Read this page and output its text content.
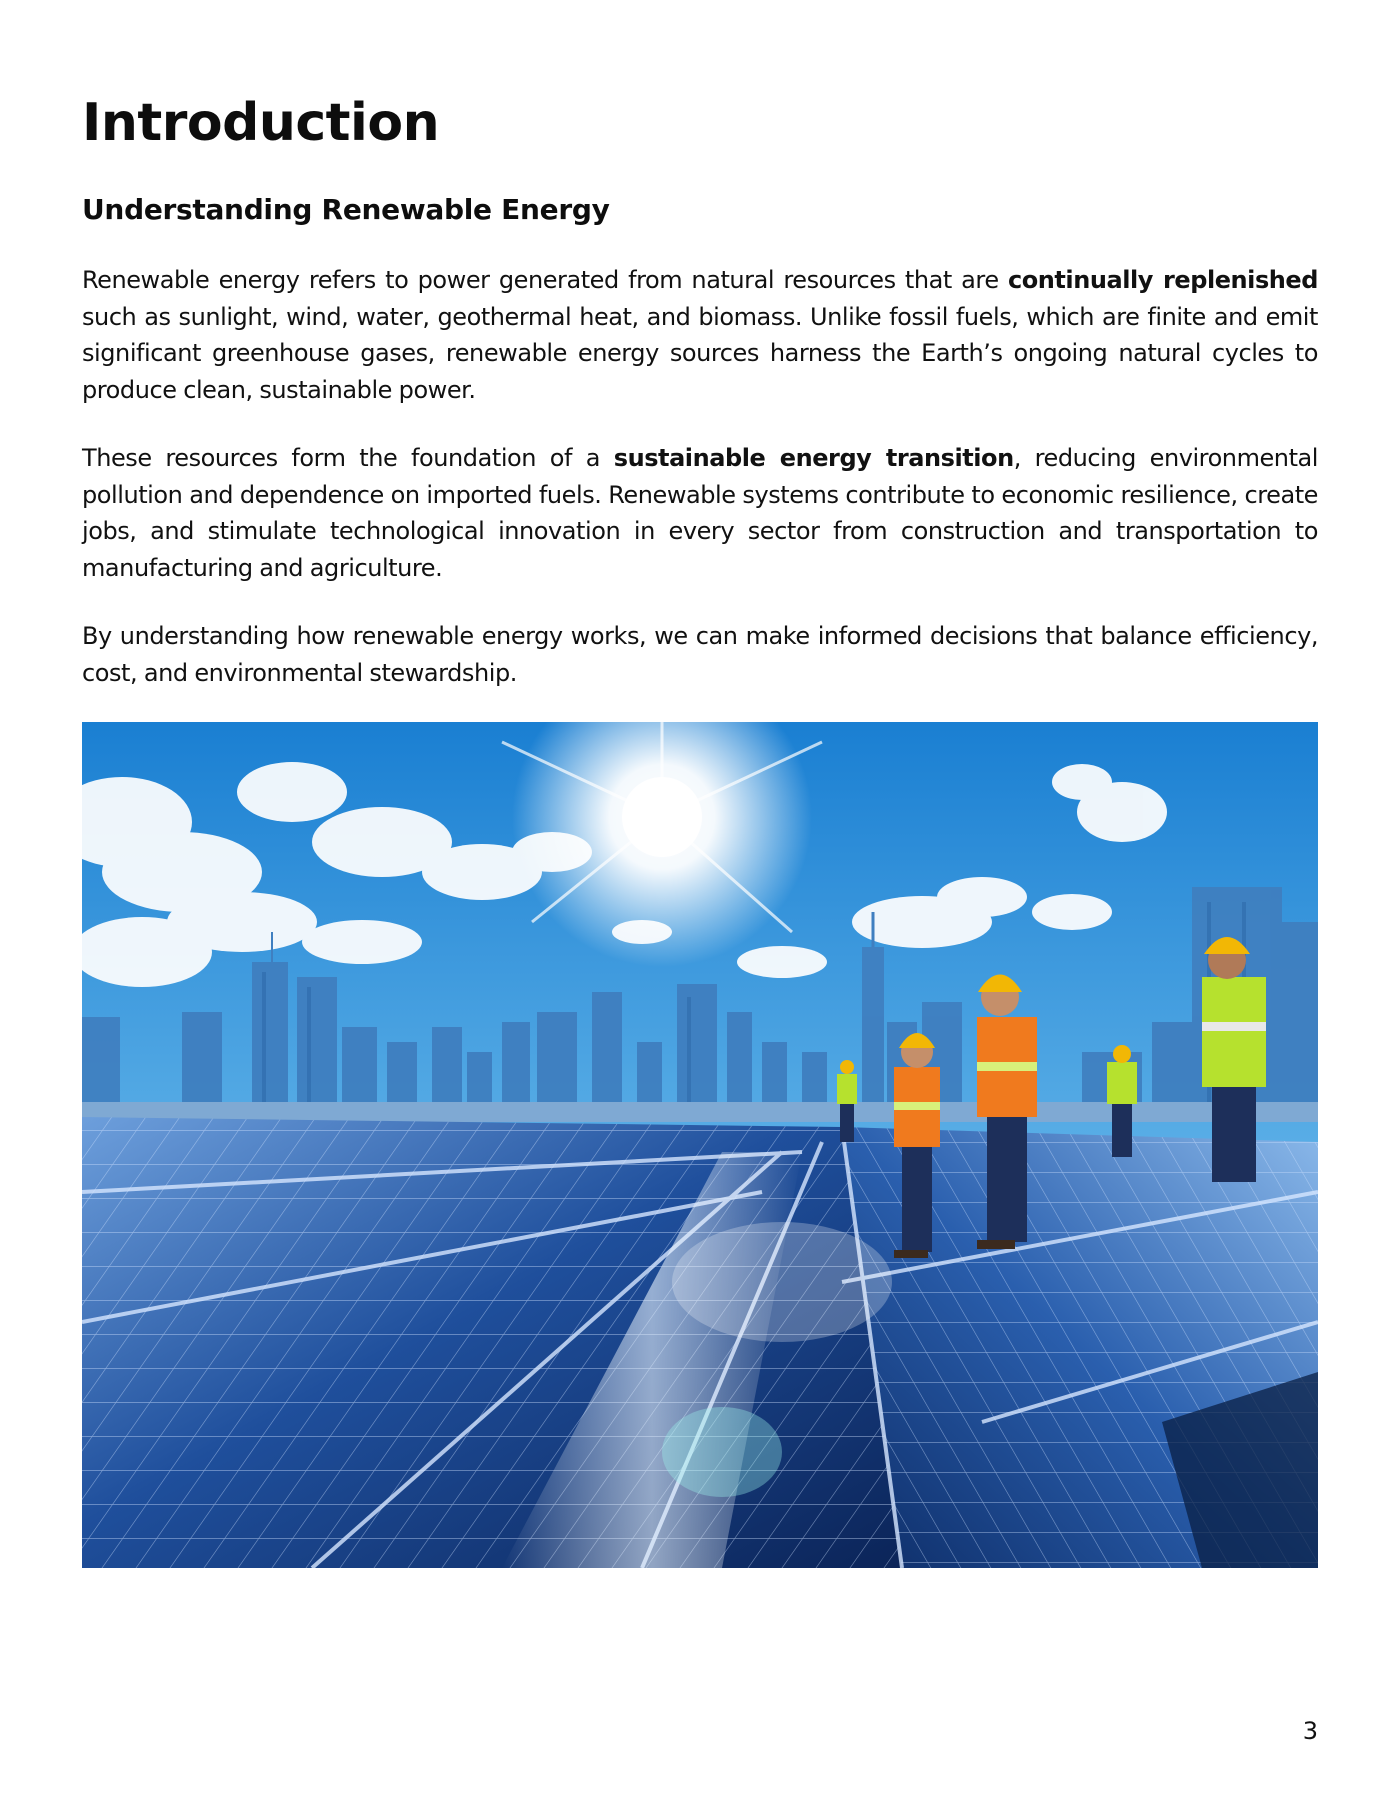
Introduction
Understanding Renewable Energy

Renewable energy refers to power generated from natural resources that are continually replenished such as sunlight, wind, water, geothermal heat, and biomass. Unlike fossil fuels, which are finite and emit significant greenhouse gases, renewable energy sources harness the Earth’s ongoing natural cycles to produce clean, sustainable power.

These resources form the foundation of a sustainable energy transition, reducing environmental pollution and dependence on imported fuels. Renewable systems contribute to economic resilience, create jobs, and stimulate technological innovation in every sector from construction and transportation to manufacturing and agriculture.

By understanding how renewable energy works, we can make informed decisions that balance efficiency, cost, and environmental stewardship.

3
